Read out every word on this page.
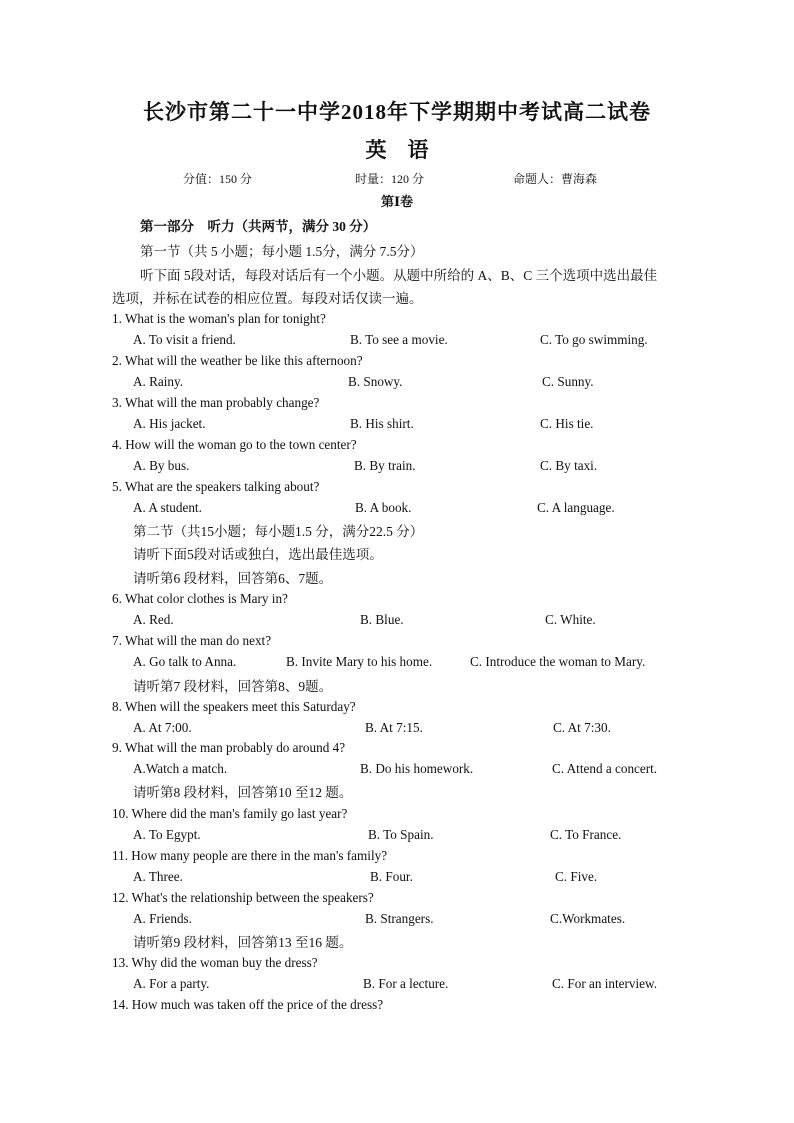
长沙市第二十一中学2018年下学期期中考试高二试卷
英　语
分值：150 分	时量：120 分	命题人：曹海森
第Ⅰ卷
第一部分　听力（共两节，满分 30 分）
第一节（共 5 小题；每小题 1.5分，满分 7.5分）
听下面 5段对话，每段对话后有一个小题。从题中所给的 A、B、C 三个选项中选出最佳
选项，并标在试卷的相应位置。每段对话仅读一遍。
1. What is the woman's plan for tonight?
A. To visit a friend.	B. To see a movie.	C. To go swimming.
2. What will the weather be like this afternoon?
A. Rainy.	B. Snowy.	C. Sunny.
3. What will the man probably change?
A. His jacket.	B. His shirt.	C. His tie.
4. How will the woman go to the town center?
A. By bus.	B. By train.	C. By taxi.
5. What are the speakers talking about?
A. A student.	B. A book.	C. A language.
第二节（共15小题；每小题1.5 分，满分22.5 分）
请听下面5段对话或独白，选出最佳选项。
请听第6 段材料，回答第6、7题。
6. What color clothes is Mary in?
A. Red.	B. Blue.	C. White.
7. What will the man do next?
A. Go talk to Anna.	B. Invite Mary to his home.	C. Introduce the woman to Mary.
请听第7 段材料，回答第8、9题。
8. When will the speakers meet this Saturday?
A. At 7:00.	B. At 7:15.	C. At 7:30.
9. What will the man probably do around 4?
A.Watch a match.	B. Do his homework.	C. Attend a concert.
请听第8 段材料，回答第10 至12 题。
10. Where did the man's family go last year?
A. To Egypt.	B. To Spain.	C. To France.
11. How many people are there in the man's family?
A. Three.	B. Four.	C. Five.
12. What's the relationship between the speakers?
A. Friends.	B. Strangers.	C.Workmates.
请听第9 段材料，回答第13 至16 题。
13. Why did the woman buy the dress?
A. For a party.	B. For a lecture.	C. For an interview.
14. How much was taken off the price of the dress?
